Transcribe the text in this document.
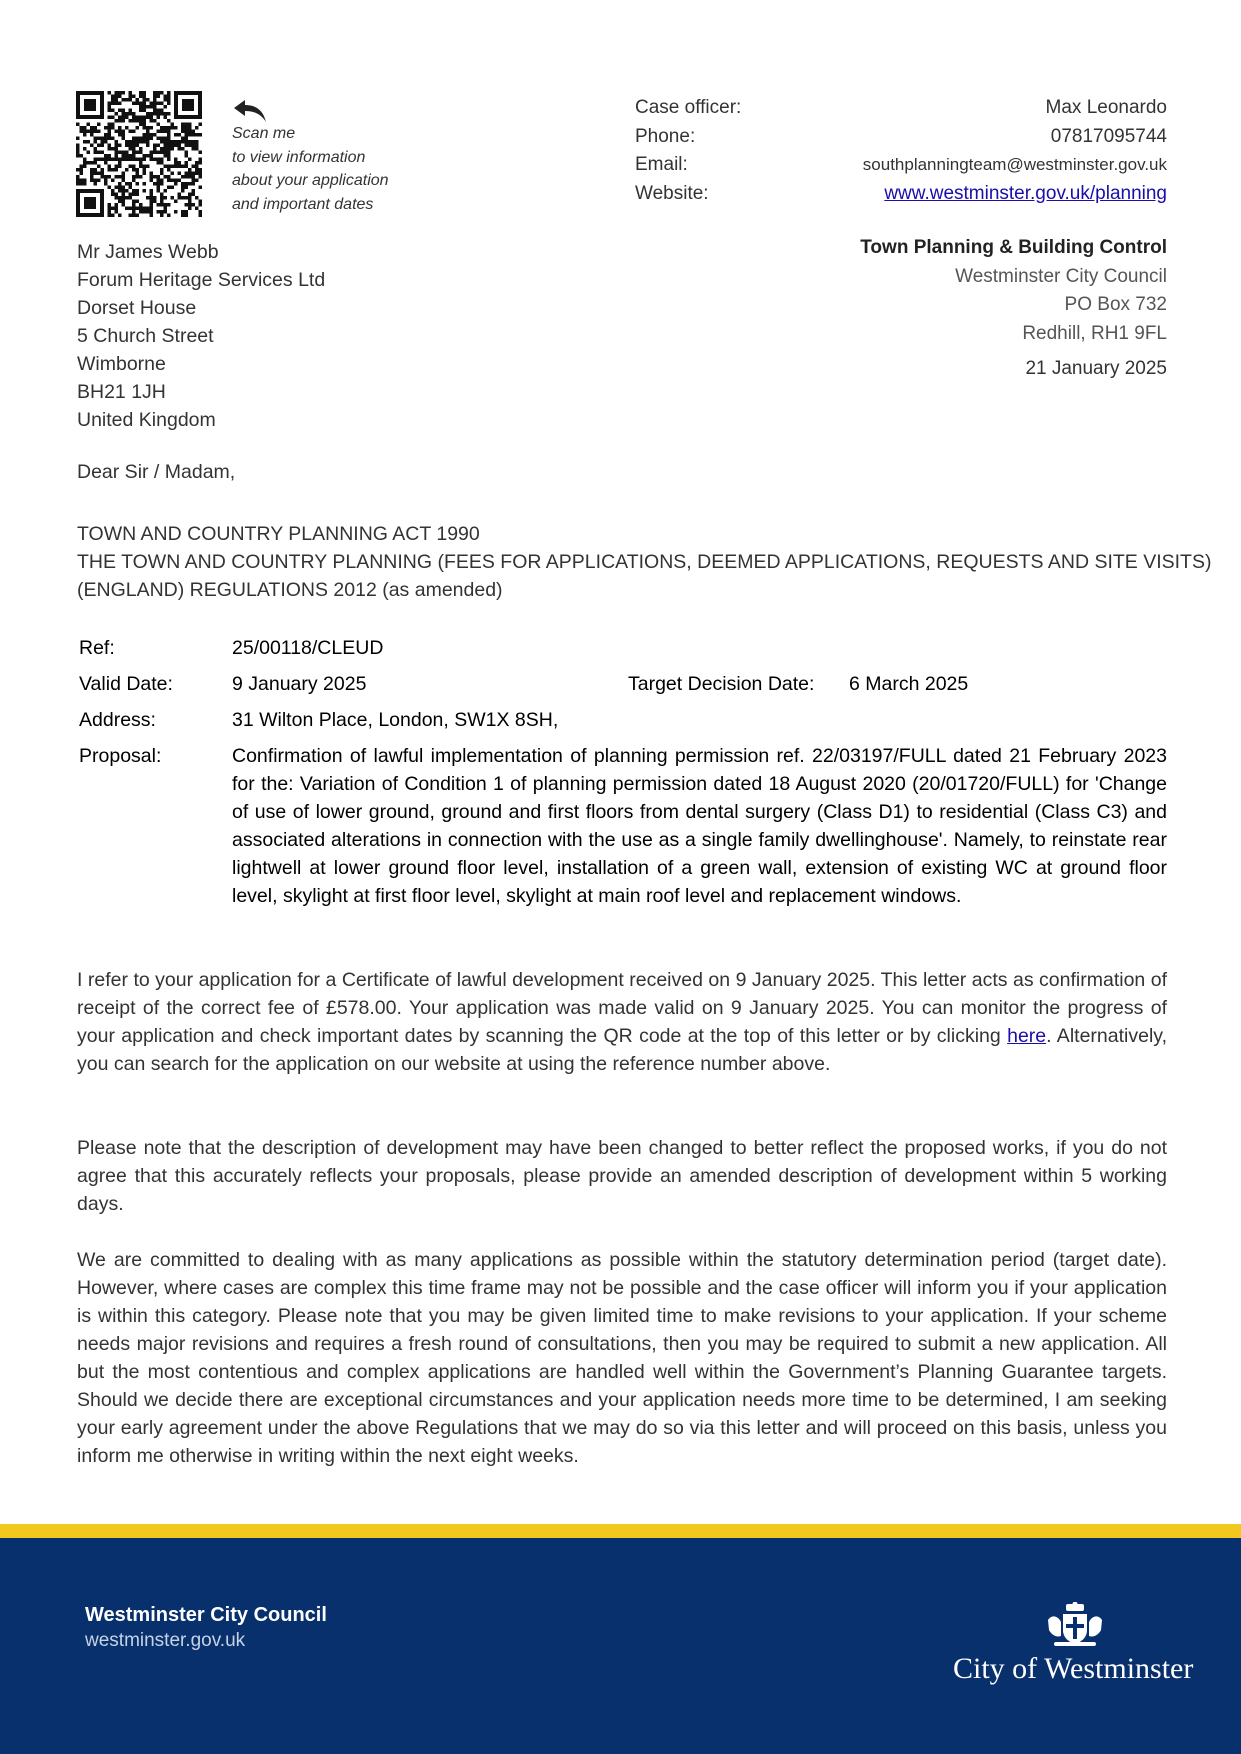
Scan me
to view information
about your application
and important dates
Case officer:	Max Leonardo
Phone:	07817095744
Email:	southplanningteam@westminster.gov.uk
Website:	www.westminster.gov.uk/planning
Town Planning & Building Control
Westminster City Council
PO Box 732
Redhill, RH1 9FL
21 January 2025
Mr James Webb
Forum Heritage Services Ltd
Dorset House
5 Church Street
Wimborne
BH21 1JH
United Kingdom
Dear Sir / Madam,
TOWN AND COUNTRY PLANNING ACT 1990
THE TOWN AND COUNTRY PLANNING (FEES FOR APPLICATIONS, DEEMED APPLICATIONS, REQUESTS AND SITE VISITS)
(ENGLAND) REGULATIONS 2012 (as amended)
Ref:	25/00118/CLEUD
Valid Date:	9 January 2025	Target Decision Date: 6 March 2025
Address:	31 Wilton Place, London, SW1X 8SH,
Proposal:	Confirmation of lawful implementation of planning permission ref. 22/03197/FULL dated 21 February 2023 for the: Variation of Condition 1 of planning permission dated 18 August 2020 (20/01720/FULL) for 'Change of use of lower ground, ground and first floors from dental surgery (Class D1) to residential (Class C3) and associated alterations in connection with the use as a single family dwellinghouse'. Namely, to reinstate rear lightwell at lower ground floor level, installation of a green wall, extension of existing WC at ground floor level, skylight at first floor level, skylight at main roof level and replacement windows.
I refer to your application for a Certificate of lawful development received on 9 January 2025. This letter acts as confirmation of receipt of the correct fee of £578.00. Your application was made valid on 9 January 2025. You can monitor the progress of your application and check important dates by scanning the QR code at the top of this letter or by clicking here. Alternatively, you can search for the application on our website at using the reference number above.
Please note that the description of development may have been changed to better reflect the proposed works, if you do not agree that this accurately reflects your proposals, please provide an amended description of development within 5 working days.
We are committed to dealing with as many applications as possible within the statutory determination period (target date). However, where cases are complex this time frame may not be possible and the case officer will inform you if your application is within this category. Please note that you may be given limited time to make revisions to your application. If your scheme needs major revisions and requires a fresh round of consultations, then you may be required to submit a new application. All but the most contentious and complex applications are handled well within the Government’s Planning Guarantee targets. Should we decide there are exceptional circumstances and your application needs more time to be determined, I am seeking your early agreement under the above Regulations that we may do so via this letter and will proceed on this basis, unless you inform me otherwise in writing within the next eight weeks.
Westminster City Council
westminster.gov.uk
City of Westminster
